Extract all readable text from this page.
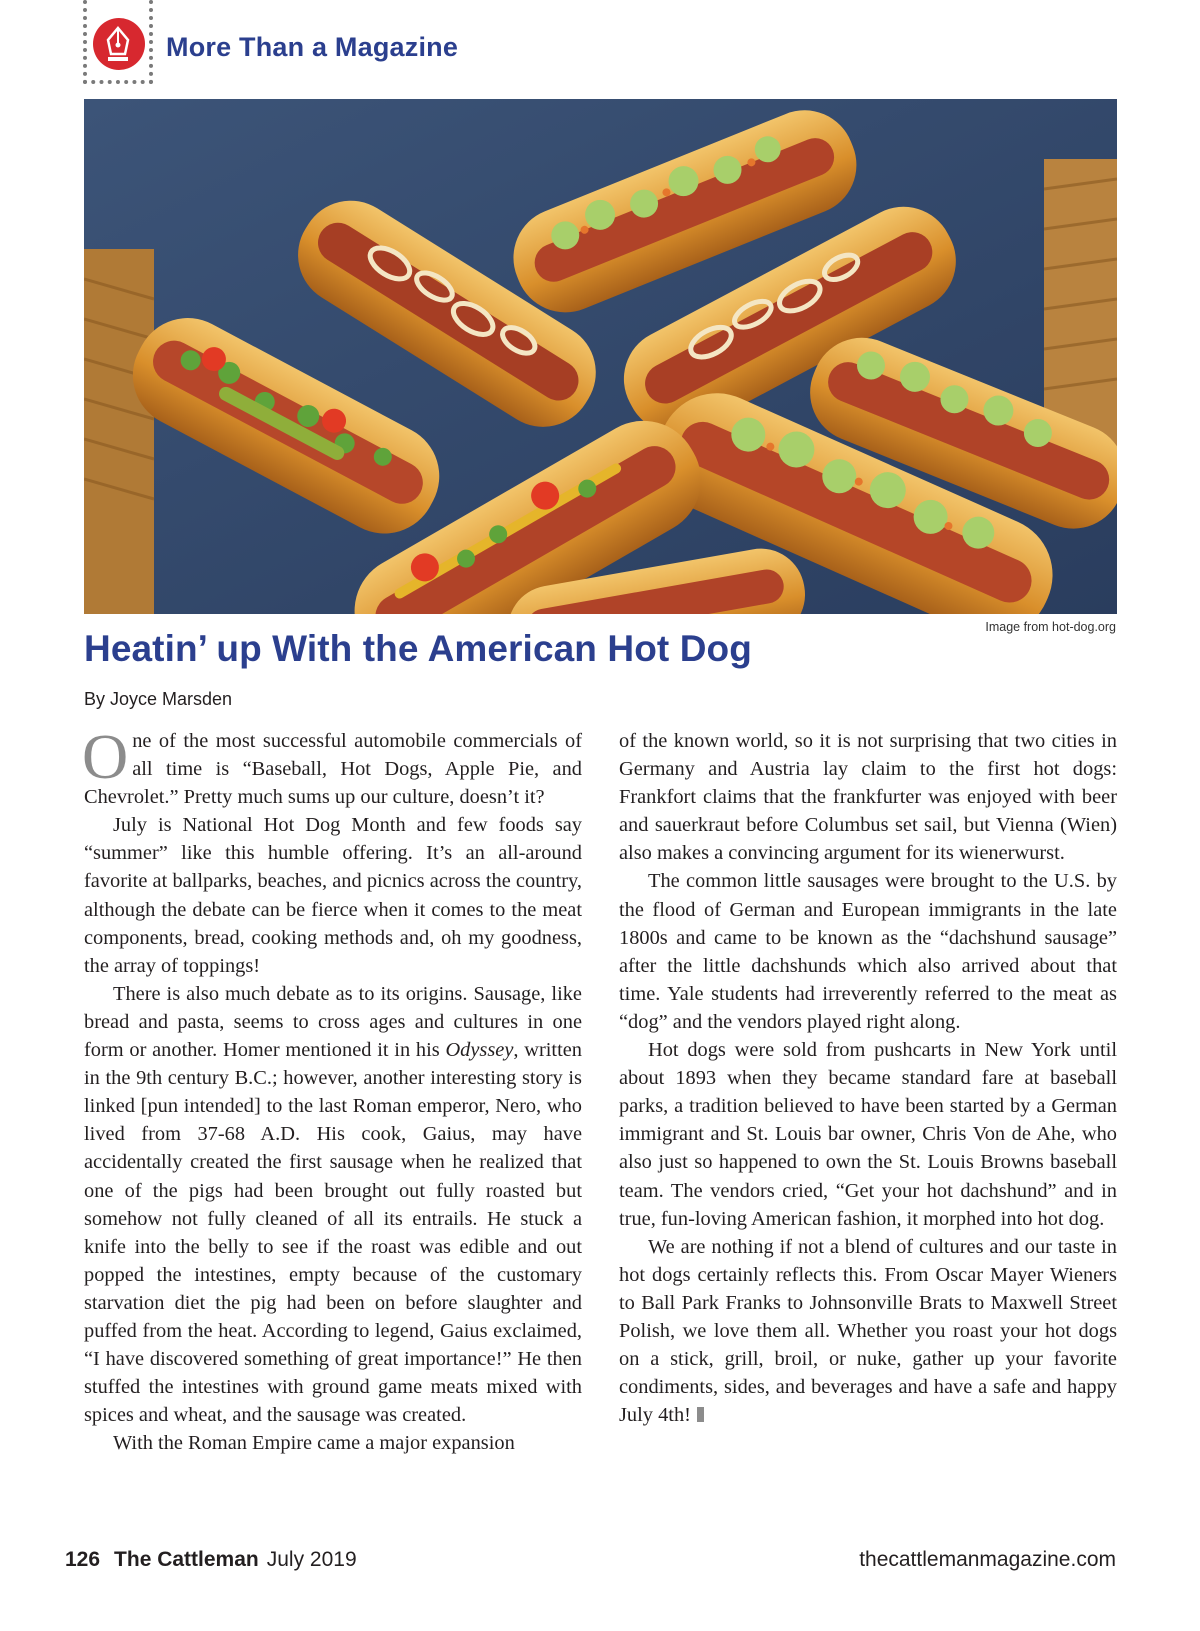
More Than a Magazine
Image from hot-dog.org
Heatin’ up With the American Hot Dog
By Joyce Marsden

One of the most successful automobile commercials of all time is “Baseball, Hot Dogs, Apple Pie, and Chevrolet.” Pretty much sums up our culture, doesn’t it?

July is National Hot Dog Month and few foods say “summer” like this humble offering. It’s an all-around favorite at ballparks, beaches, and picnics across the country, although the debate can be fierce when it comes to the meat components, bread, cooking methods and, oh my goodness, the array of toppings!

There is also much debate as to its origins. Sausage, like bread and pasta, seems to cross ages and cultures in one form or another. Homer mentioned it in his Odyssey, written in the 9th century B.C.; however, another interesting story is linked [pun intended] to the last Roman emperor, Nero, who lived from 37-68 A.D. His cook, Gaius, may have accidentally created the first sausage when he realized that one of the pigs had been brought out fully roasted but somehow not fully cleaned of all its entrails. He stuck a knife into the belly to see if the roast was edible and out popped the intestines, empty because of the customary starvation diet the pig had been on before slaughter and puffed from the heat. According to legend, Gaius exclaimed, “I have discovered something of great importance!” He then stuffed the intestines with ground game meats mixed with spices and wheat, and the sausage was created.

With the Roman Empire came a major expansion

of the known world, so it is not surprising that two cities in Germany and Austria lay claim to the first hot dogs: Frankfort claims that the frankfurter was enjoyed with beer and sauerkraut before Columbus set sail, but Vienna (Wien) also makes a convincing argument for its wienerwurst.

The common little sausages were brought to the U.S. by the flood of German and European immigrants in the late 1800s and came to be known as the “dachshund sausage” after the little dachshunds which also arrived about that time. Yale students had irreverently referred to the meat as “dog” and the vendors played right along.

Hot dogs were sold from pushcarts in New York until about 1893 when they became standard fare at baseball parks, a tradition believed to have been started by a German immigrant and St. Louis bar owner, Chris Von de Ahe, who also just so happened to own the St. Louis Browns baseball team. The vendors cried, “Get your hot dachshund” and in true, fun-loving American fashion, it morphed into hot dog.

We are nothing if not a blend of cultures and our taste in hot dogs certainly reflects this. From Oscar Mayer Wieners to Ball Park Franks to Johnsonville Brats to Maxwell Street Polish, we love them all. Whether you roast your hot dogs on a stick, grill, broil, or nuke, gather up your favorite condiments, sides, and beverages and have a safe and happy July 4th!

126 The Cattleman July 2019	thecattlemanmagazine.com
